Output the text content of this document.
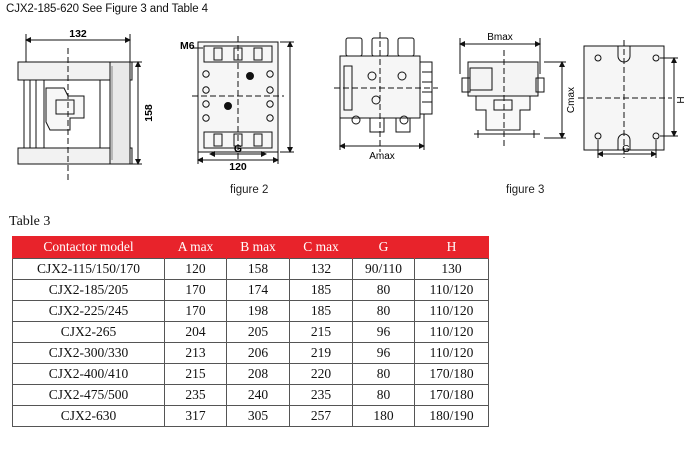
CJX2-185-620 See Figure 3 and Table 4
132
158
M6
G
120
Amax
Bmax
Cmax
G
H
figure 2	figure 3
Table 3
Contactor model	A max	B max	C max	G	H
CJX2-115/150/170	120	158	132	90/110	130
CJX2-185/205	170	174	185	80	110/120
CJX2-225/245	170	198	185	80	110/120
CJX2-265	204	205	215	96	110/120
CJX2-300/330	213	206	219	96	110/120
CJX2-400/410	215	208	220	80	170/180
CJX2-475/500	235	240	235	80	170/180
CJX2-630	317	305	257	180	180/190
